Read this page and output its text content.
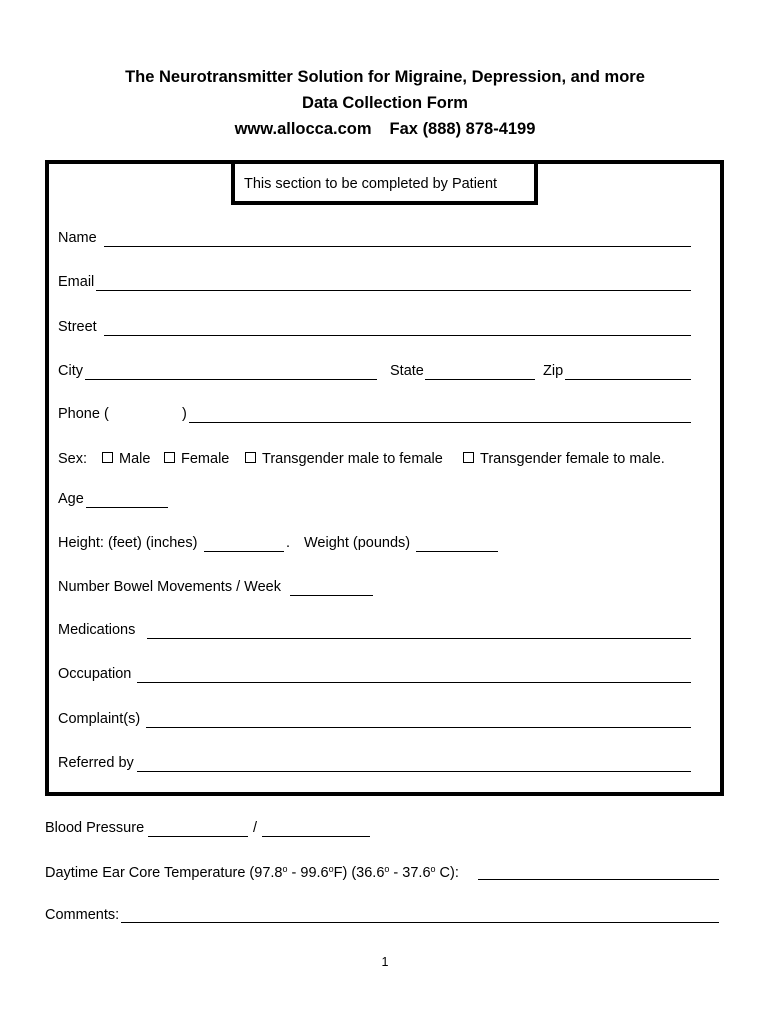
The Neurotransmitter Solution for Migraine, Depression, and more
Data Collection Form
www.allocca.com Fax (888) 878-4199
This section to be completed by Patient
Name
Email
Street
City	State	Zip
Phone (	)
Sex:	Male	Female	Transgender male to female	Transgender female to male.
Age
Height: (feet) (inches)	. Weight (pounds)
Number Bowel Movements / Week
Medications
Occupation
Complaint(s)
Referred by
Blood Pressure	/
Daytime Ear Core Temperature (97.8$^o$ - 99.6$^o$F) (36.6$^o$ - 37.6$^o$ C):
Comments:
1
